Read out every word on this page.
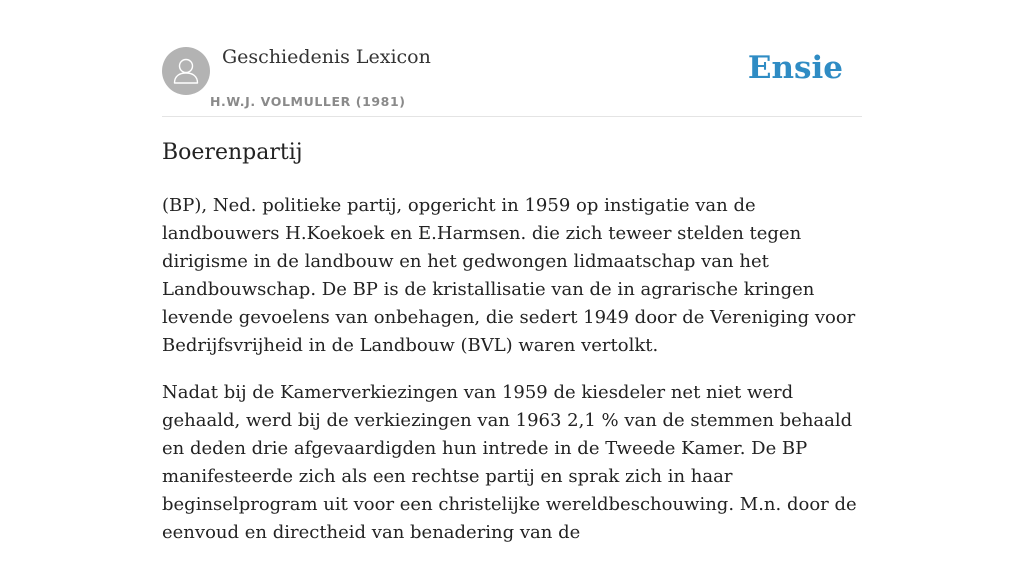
Geschiedenis Lexicon
H.W.J. VOLMULLER (1981)
Ensie
Boerenpartij

(BP), Ned. politieke partij, opgericht in 1959 op instigatie van de landbouwers H.Koekoek en E.Harmsen. die zich teweer stelden tegen dirigisme in de landbouw en het gedwongen lidmaatschap van het Landbouwschap. De BP is de kristallisatie van de in agrarische kringen levende gevoelens van onbehagen, die sedert 1949 door de Vereniging voor Bedrijfsvrijheid in de Landbouw (BVL) waren vertolkt.

Nadat bij de Kamerverkiezingen van 1959 de kiesdeler net niet werd gehaald, werd bij de verkiezingen van 1963 2,1 % van de stemmen behaald en deden drie afgevaardigden hun intrede in de Tweede Kamer. De BP manifesteerde zich als een rechtse partij en sprak zich in haar beginselprogram uit voor een christelijke wereldbeschouwing. M.n. door de eenvoud en directheid van benadering van de
